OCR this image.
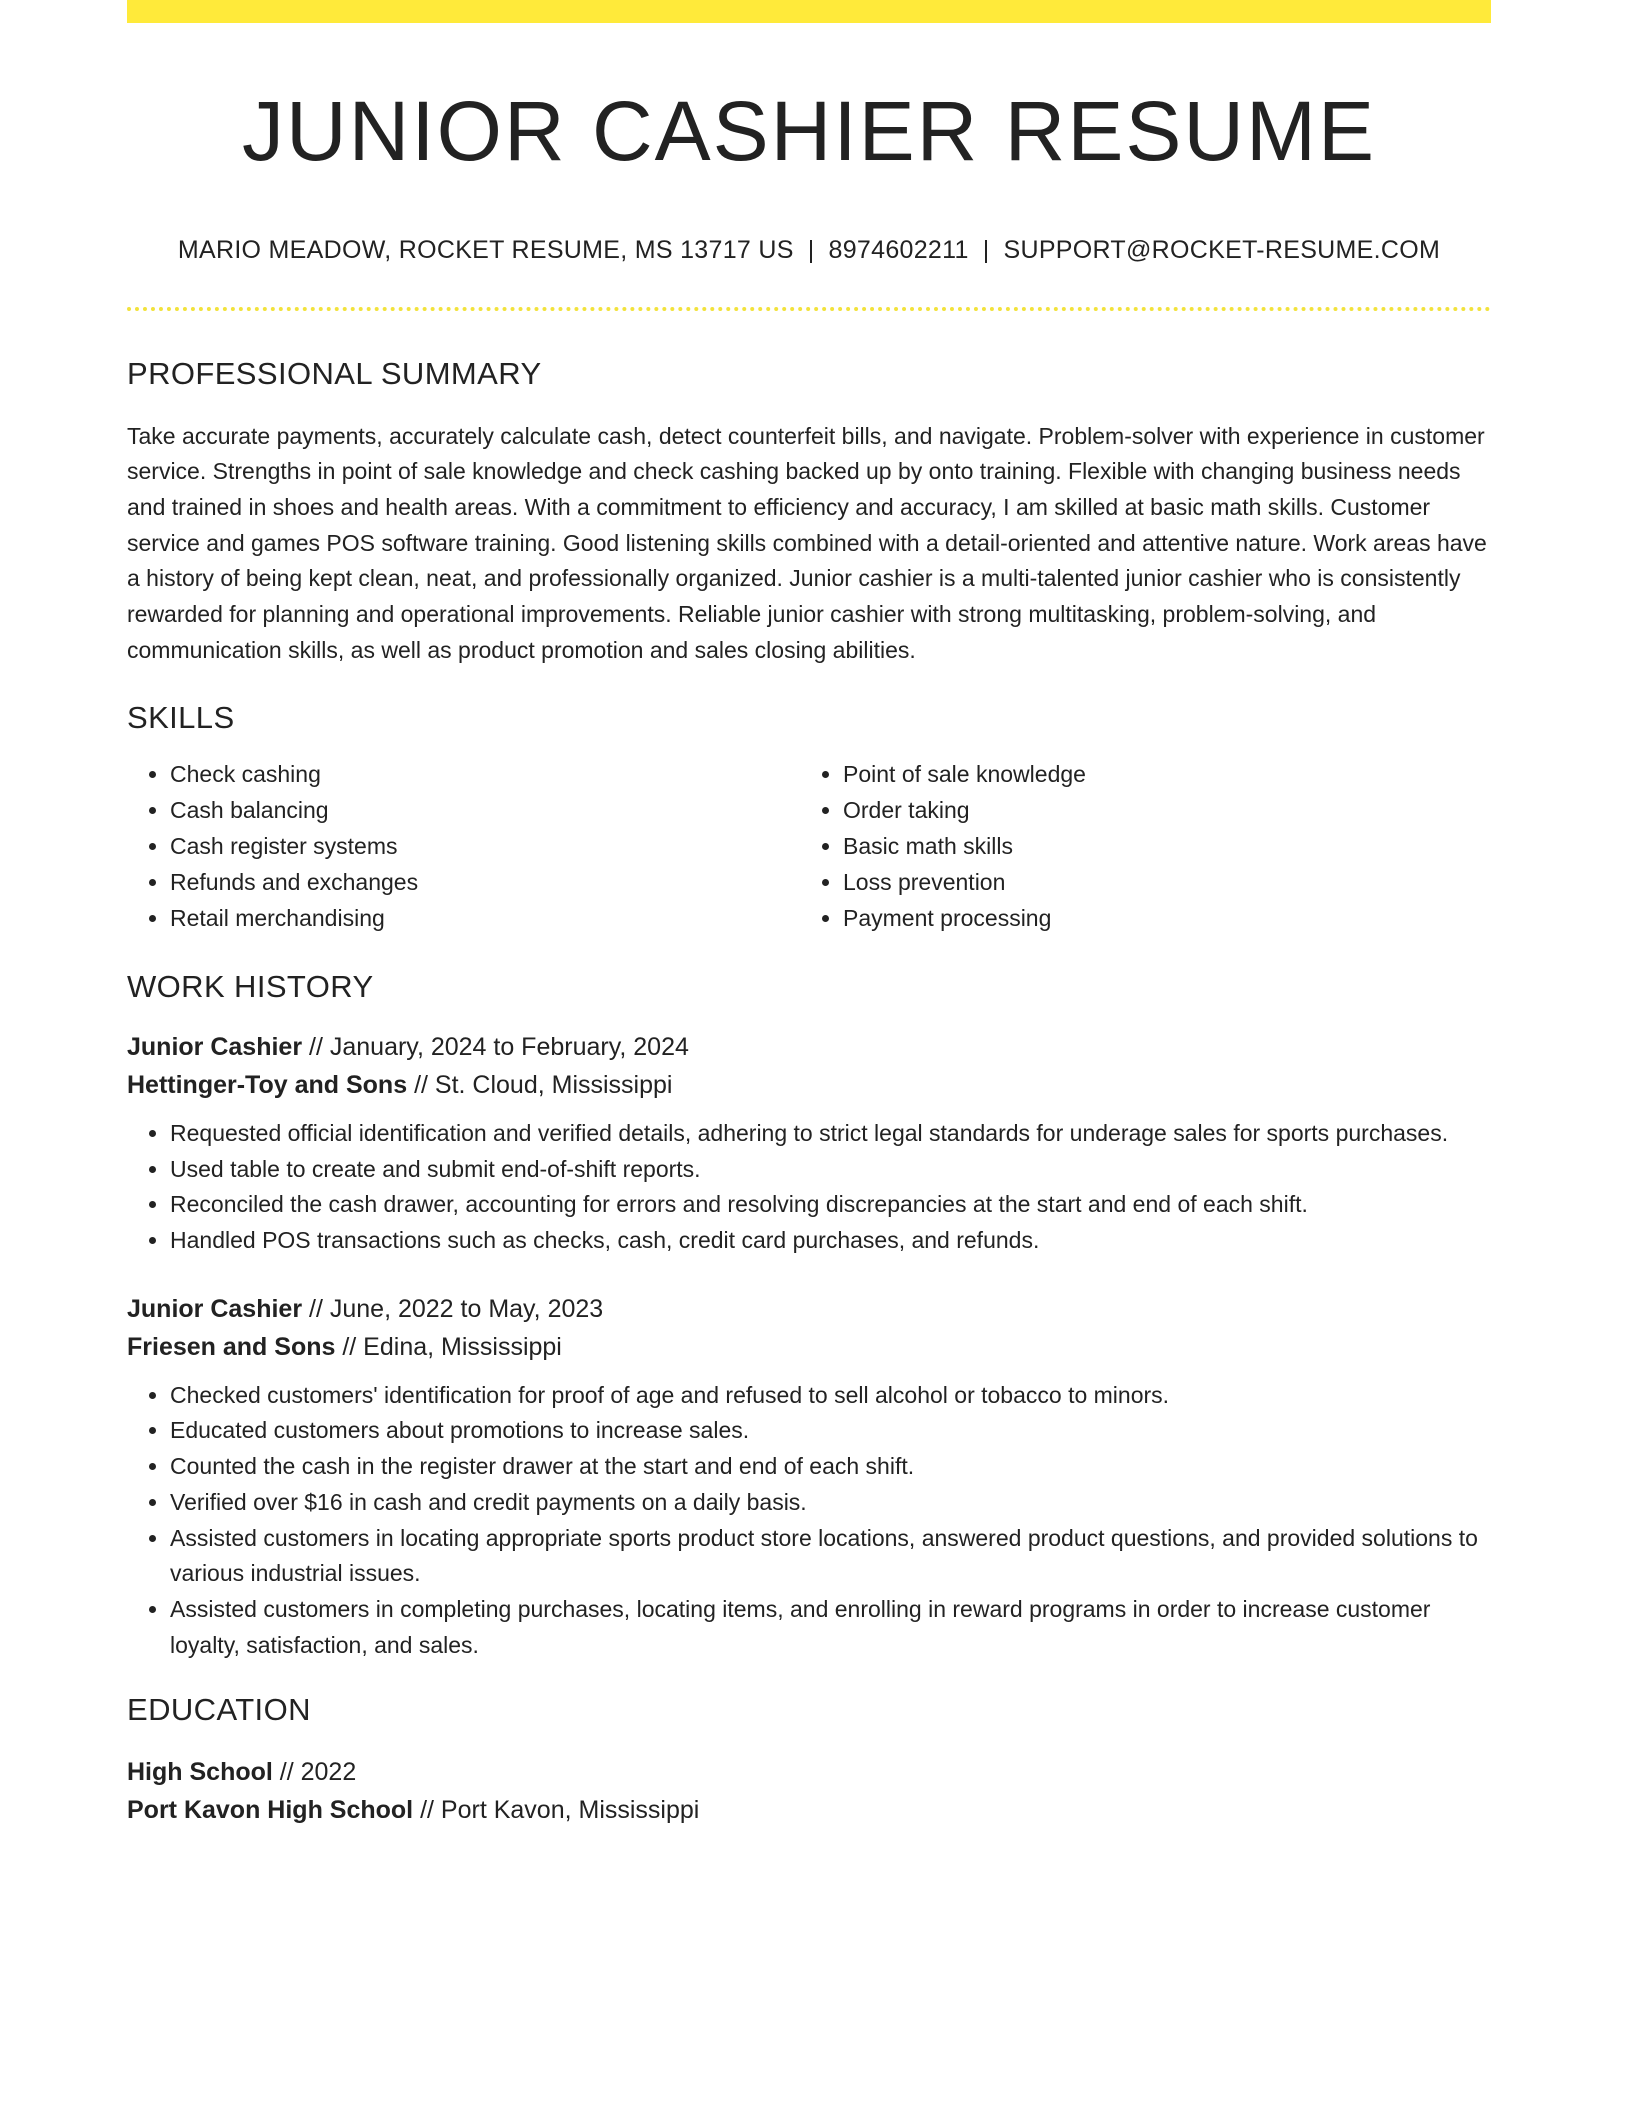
JUNIOR CASHIER RESUME
MARIO MEADOW, ROCKET RESUME, MS 13717 US | 8974602211 | SUPPORT@ROCKET-RESUME.COM
PROFESSIONAL SUMMARY

Take accurate payments, accurately calculate cash, detect counterfeit bills, and navigate. Problem-solver with experience in customer service. Strengths in point of sale knowledge and check cashing backed up by onto training. Flexible with changing business needs and trained in shoes and health areas. With a commitment to efficiency and accuracy, I am skilled at basic math skills. Customer service and games POS software training. Good listening skills combined with a detail-oriented and attentive nature. Work areas have a history of being kept clean, neat, and professionally organized. Junior cashier is a multi-talented junior cashier who is consistently rewarded for planning and operational improvements. Reliable junior cashier with strong multitasking, problem-solving, and communication skills, as well as product promotion and sales closing abilities.

SKILLS
• Check cashing
• Cash balancing
• Cash register systems
• Refunds and exchanges
• Retail merchandising
• Point of sale knowledge
• Order taking
• Basic math skills
• Loss prevention
• Payment processing
WORK HISTORY

Junior Cashier // January, 2024 to February, 2024

Hettinger-Toy and Sons // St. Cloud, Mississippi

• Requested official identification and verified details, adhering to strict legal standards for underage sales for sports purchases.
• Used table to create and submit end-of-shift reports.
• Reconciled the cash drawer, accounting for errors and resolving discrepancies at the start and end of each shift.
• Handled POS transactions such as checks, cash, credit card purchases, and refunds.

Junior Cashier // June, 2022 to May, 2023

Friesen and Sons // Edina, Mississippi

• Checked customers' identification for proof of age and refused to sell alcohol or tobacco to minors.
• Educated customers about promotions to increase sales.
• Counted the cash in the register drawer at the start and end of each shift.
• Verified over $16 in cash and credit payments on a daily basis.
• Assisted customers in locating appropriate sports product store locations, answered product questions, and provided solutions to various industrial issues.
• Assisted customers in completing purchases, locating items, and enrolling in reward programs in order to increase customer loyalty, satisfaction, and sales.
EDUCATION

High School // 2022

Port Kavon High School // Port Kavon, Mississippi
